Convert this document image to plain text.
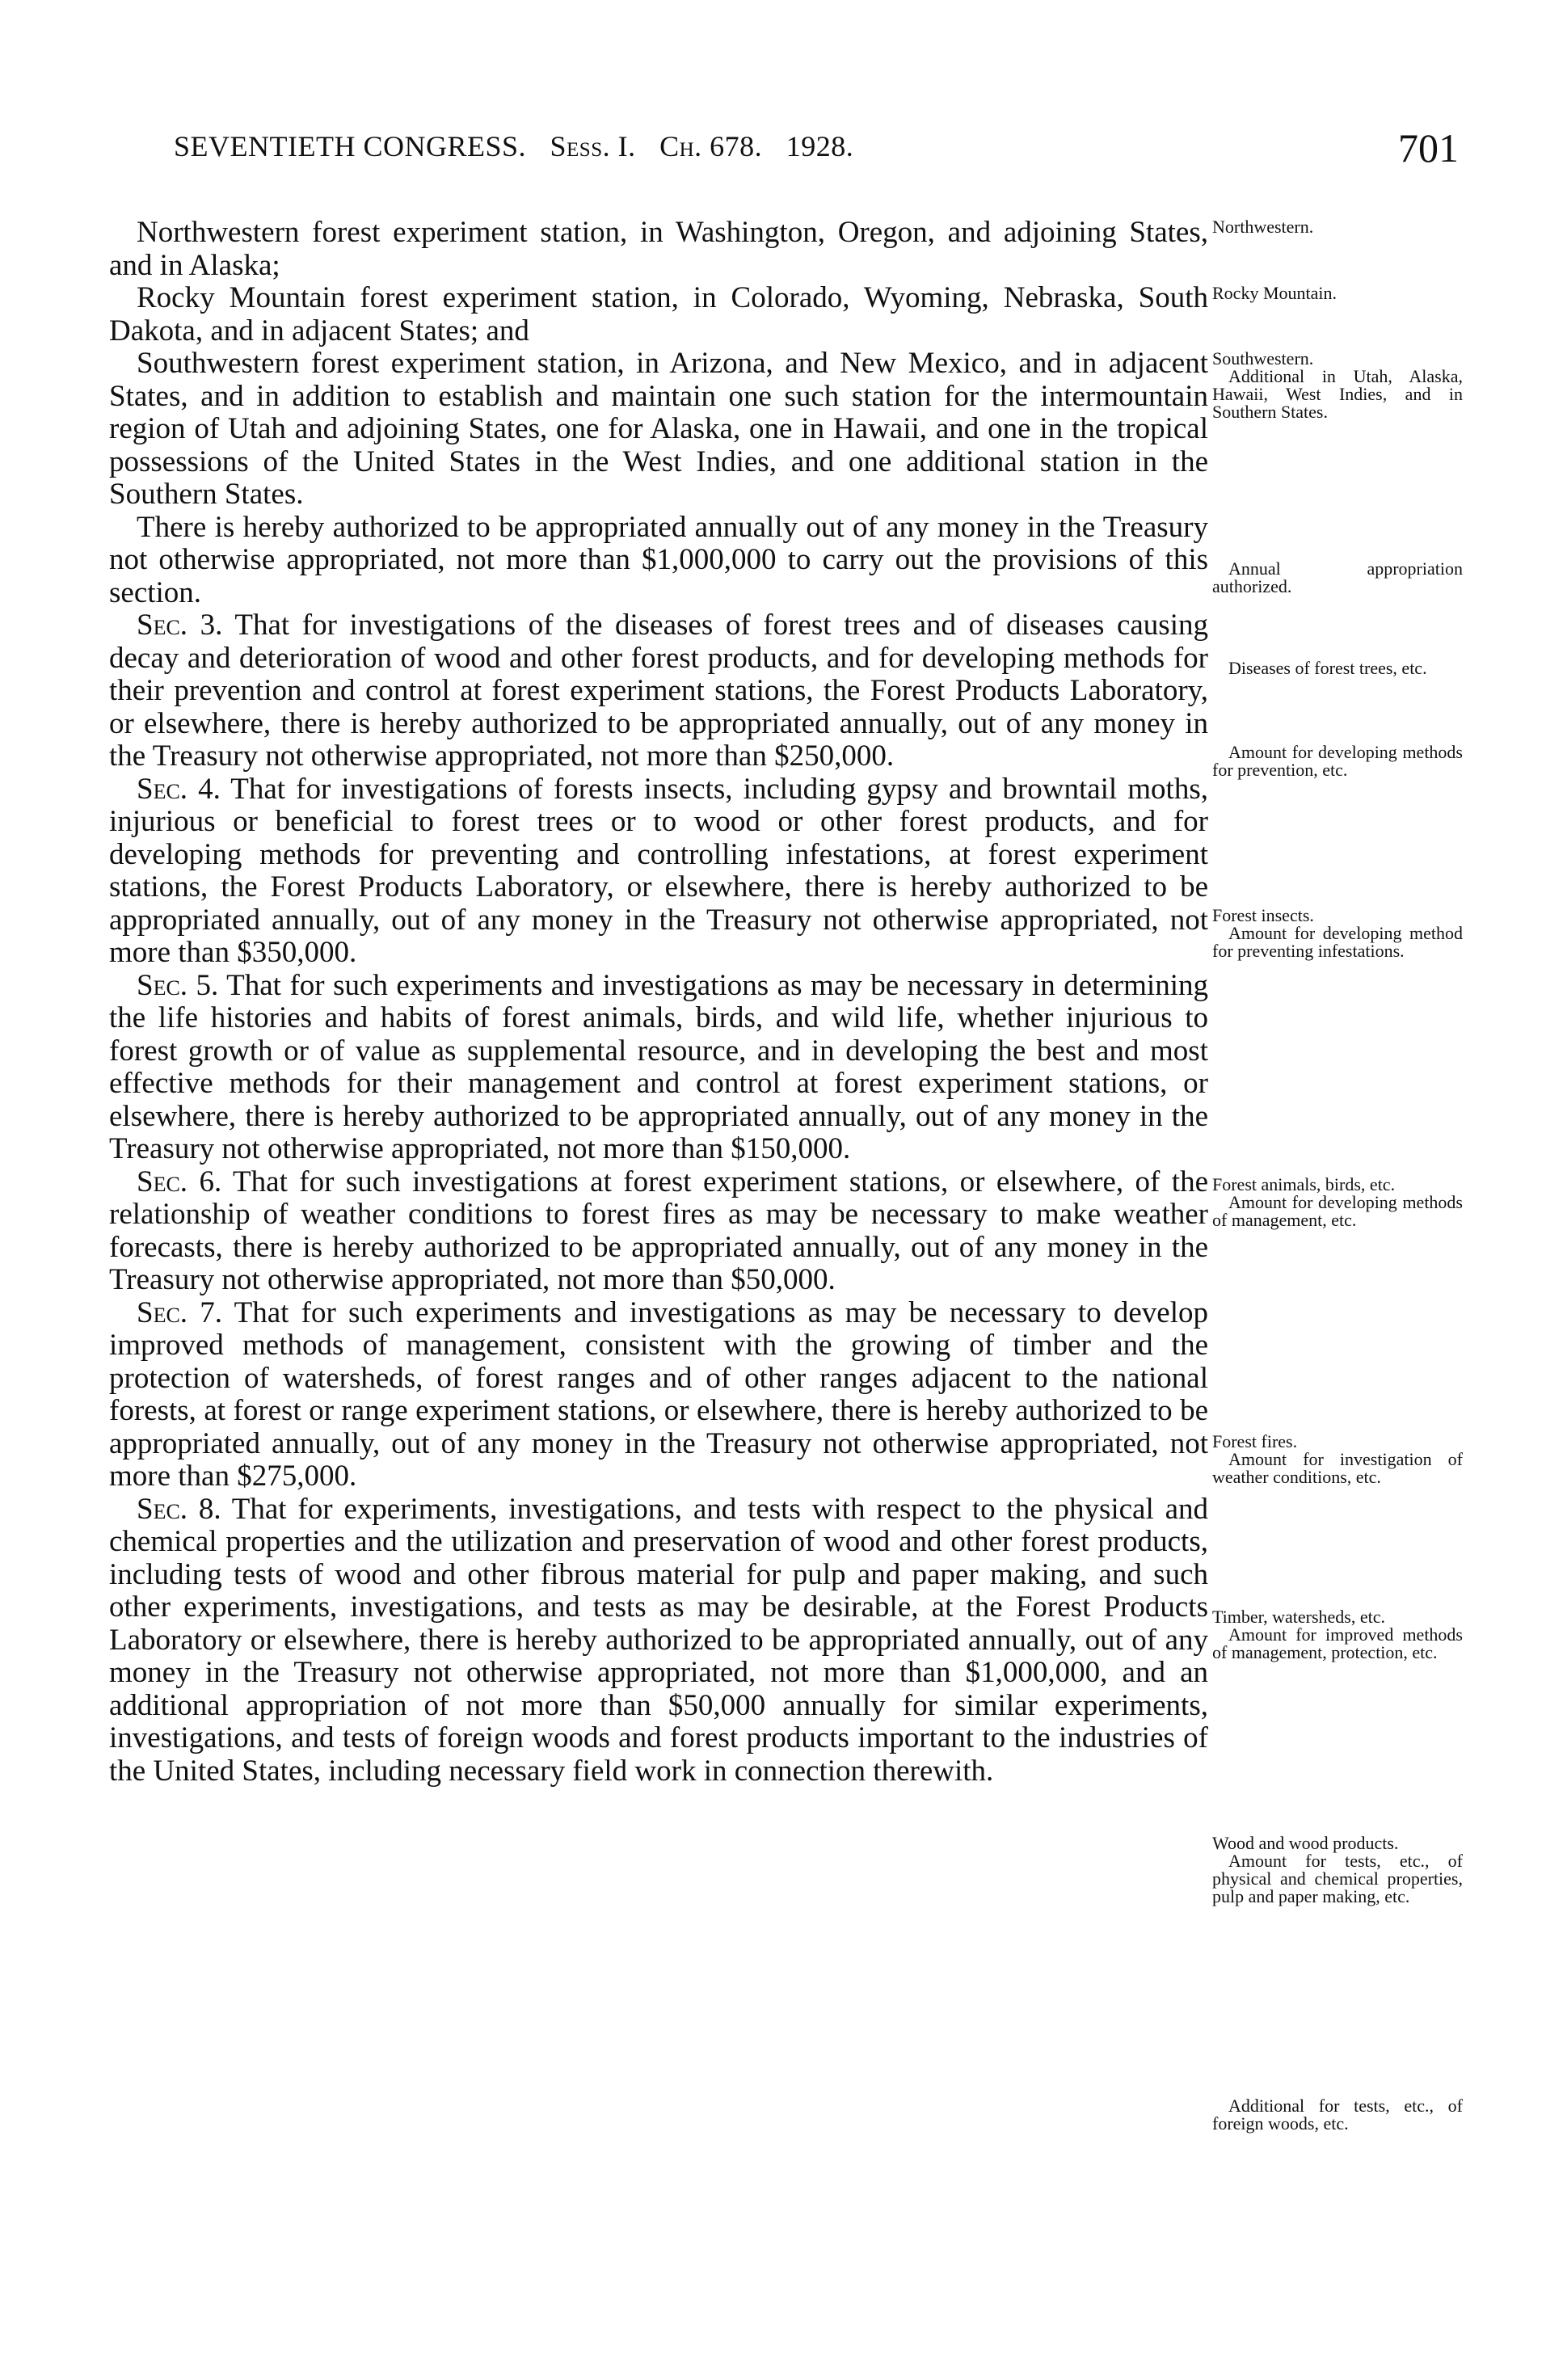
SEVENTIETH CONGRESS. Sess. I. Ch. 678. 1928.	701

Northwestern forest experiment station, in Washington, Oregon, and adjoining States, and in Alaska;

Rocky Mountain forest experiment station, in Colorado, Wyoming, Nebraska, South Dakota, and in adjacent States; and

Southwestern forest experiment station, in Arizona, and New Mexico, and in adjacent States, and in addition to establish and maintain one such station for the intermountain region of Utah and adjoining States, one for Alaska, one in Hawaii, and one in the tropical possessions of the United States in the West Indies, and one additional station in the Southern States.

There is hereby authorized to be appropriated annually out of any money in the Treasury not otherwise appropriated, not more than $1,000,000 to carry out the provisions of this section.

Sec. 3. That for investigations of the diseases of forest trees and of diseases causing decay and deterioration of wood and other forest products, and for developing methods for their prevention and control at forest experiment stations, the Forest Products Laboratory, or elsewhere, there is hereby authorized to be appropriated annually, out of any money in the Treasury not otherwise appropriated, not more than $250,000.

Sec. 4. That for investigations of forests insects, including gypsy and browntail moths, injurious or beneficial to forest trees or to wood or other forest products, and for developing methods for preventing and controlling infestations, at forest experiment stations, the Forest Products Laboratory, or elsewhere, there is hereby authorized to be appropriated annually, out of any money in the Treasury not otherwise appropriated, not more than $350,000.

Sec. 5. That for such experiments and investigations as may be necessary in determining the life histories and habits of forest animals, birds, and wild life, whether injurious to forest growth or of value as supplemental resource, and in developing the best and most effective methods for their management and control at forest experiment stations, or elsewhere, there is hereby authorized to be appropriated annually, out of any money in the Treasury not otherwise appropriated, not more than $150,000.

Sec. 6. That for such investigations at forest experiment stations, or elsewhere, of the relationship of weather conditions to forest fires as may be necessary to make weather forecasts, there is hereby authorized to be appropriated annually, out of any money in the Treasury not otherwise appropriated, not more than $50,000.

Sec. 7. That for such experiments and investigations as may be necessary to develop improved methods of management, consistent with the growing of timber and the protection of watersheds, of forest ranges and of other ranges adjacent to the national forests, at forest or range experiment stations, or elsewhere, there is hereby authorized to be appropriated annually, out of any money in the Treasury not otherwise appropriated, not more than $275,000.

Sec. 8. That for experiments, investigations, and tests with respect to the physical and chemical properties and the utilization and preservation of wood and other forest products, including tests of wood and other fibrous material for pulp and paper making, and such other experiments, investigations, and tests as may be desirable, at the Forest Products Laboratory or elsewhere, there is hereby authorized to be appropriated annually, out of any money in the Treasury not otherwise appropriated, not more than $1,000,000, and an additional appropriation of not more than $50,000 annually for similar experiments, investigations, and tests of foreign woods and forest products important to the industries of the United States, including necessary field work in connection therewith.

Northwestern.
Rocky Mountain.
Southwestern.
Additional in Utah, Alaska, Hawaii, West Indies, and in Southern States.
Annual appropriation authorized.
Diseases of forest trees, etc.
Amount for developing methods for prevention, etc.
Forest insects.
Amount for developing method for preventing infestations.
Forest animals, birds, etc.
Amount for developing methods of management, etc.
Forest fires.
Amount for investigation of weather conditions, etc.
Timber, watersheds, etc.
Amount for improved methods of management, protection, etc.
Wood and wood products.
Amount for tests, etc., of physical and chemical properties, pulp and paper making, etc.
Additional for tests, etc., of foreign woods, etc.
